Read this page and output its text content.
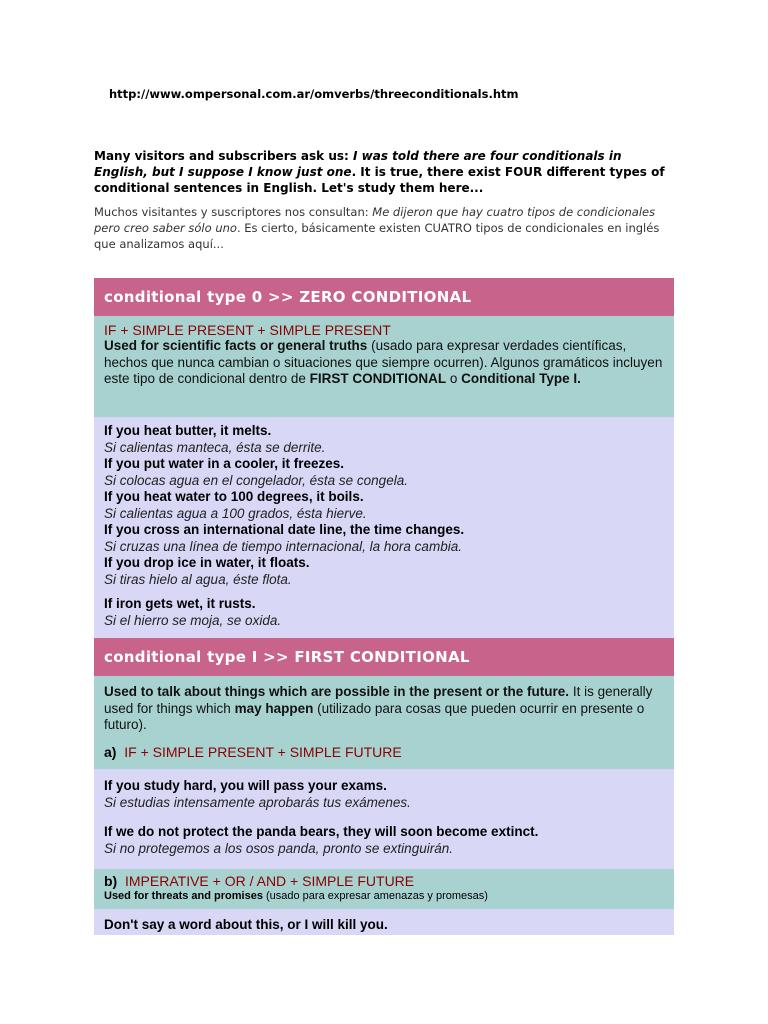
http://www.ompersonal.com.ar/omverbs/threeconditionals.htm
Many visitors and subscribers ask us: I was told there are four conditionals in English, but I suppose I know just one. It is true, there exist FOUR different types of conditional sentences in English. Let's study them here...
Muchos visitantes y suscriptores nos consultan: Me dijeron que hay cuatro tipos de condicionales pero creo saber sólo uno. Es cierto, básicamente existen CUATRO tipos de condicionales en inglés que analizamos aquí...
conditional type 0 >> ZERO CONDITIONAL
IF + SIMPLE PRESENT + SIMPLE PRESENT
Used for scientific facts or general truths (usado para expresar verdades científicas, hechos que nunca cambian o situaciones que siempre ocurren). Algunos gramáticos incluyen este tipo de condicional dentro de FIRST CONDITIONAL o Conditional Type I.
If you heat butter, it melts.
Si calientas manteca, ésta se derrite.
If you put water in a cooler, it freezes.
Si colocas agua en el congelador, ésta se congela.
If you heat water to 100 degrees, it boils.
Si calientas agua a 100 grados, ésta hierve.
If you cross an international date line, the time changes.
Si cruzas una línea de tiempo internacional, la hora cambia.
If you drop ice in water, it floats.
Si tiras hielo al agua, éste flota.
If iron gets wet, it rusts.
Si el hierro se moja, se oxida.
conditional type I >> FIRST CONDITIONAL
Used to talk about things which are possible in the present or the future. It is generally used for things which may happen (utilizado para cosas que pueden ocurrir en presente o futuro).
a) IF + SIMPLE PRESENT + SIMPLE FUTURE
If you study hard, you will pass your exams.
Si estudias intensamente aprobarás tus exámenes.
If we do not protect the panda bears, they will soon become extinct.
Si no protegemos a los osos panda, pronto se extinguirán.
b) IMPERATIVE + OR / AND + SIMPLE FUTURE
Used for threats and promises (usado para expresar amenazas y promesas)
Don't say a word about this, or I will kill you.
